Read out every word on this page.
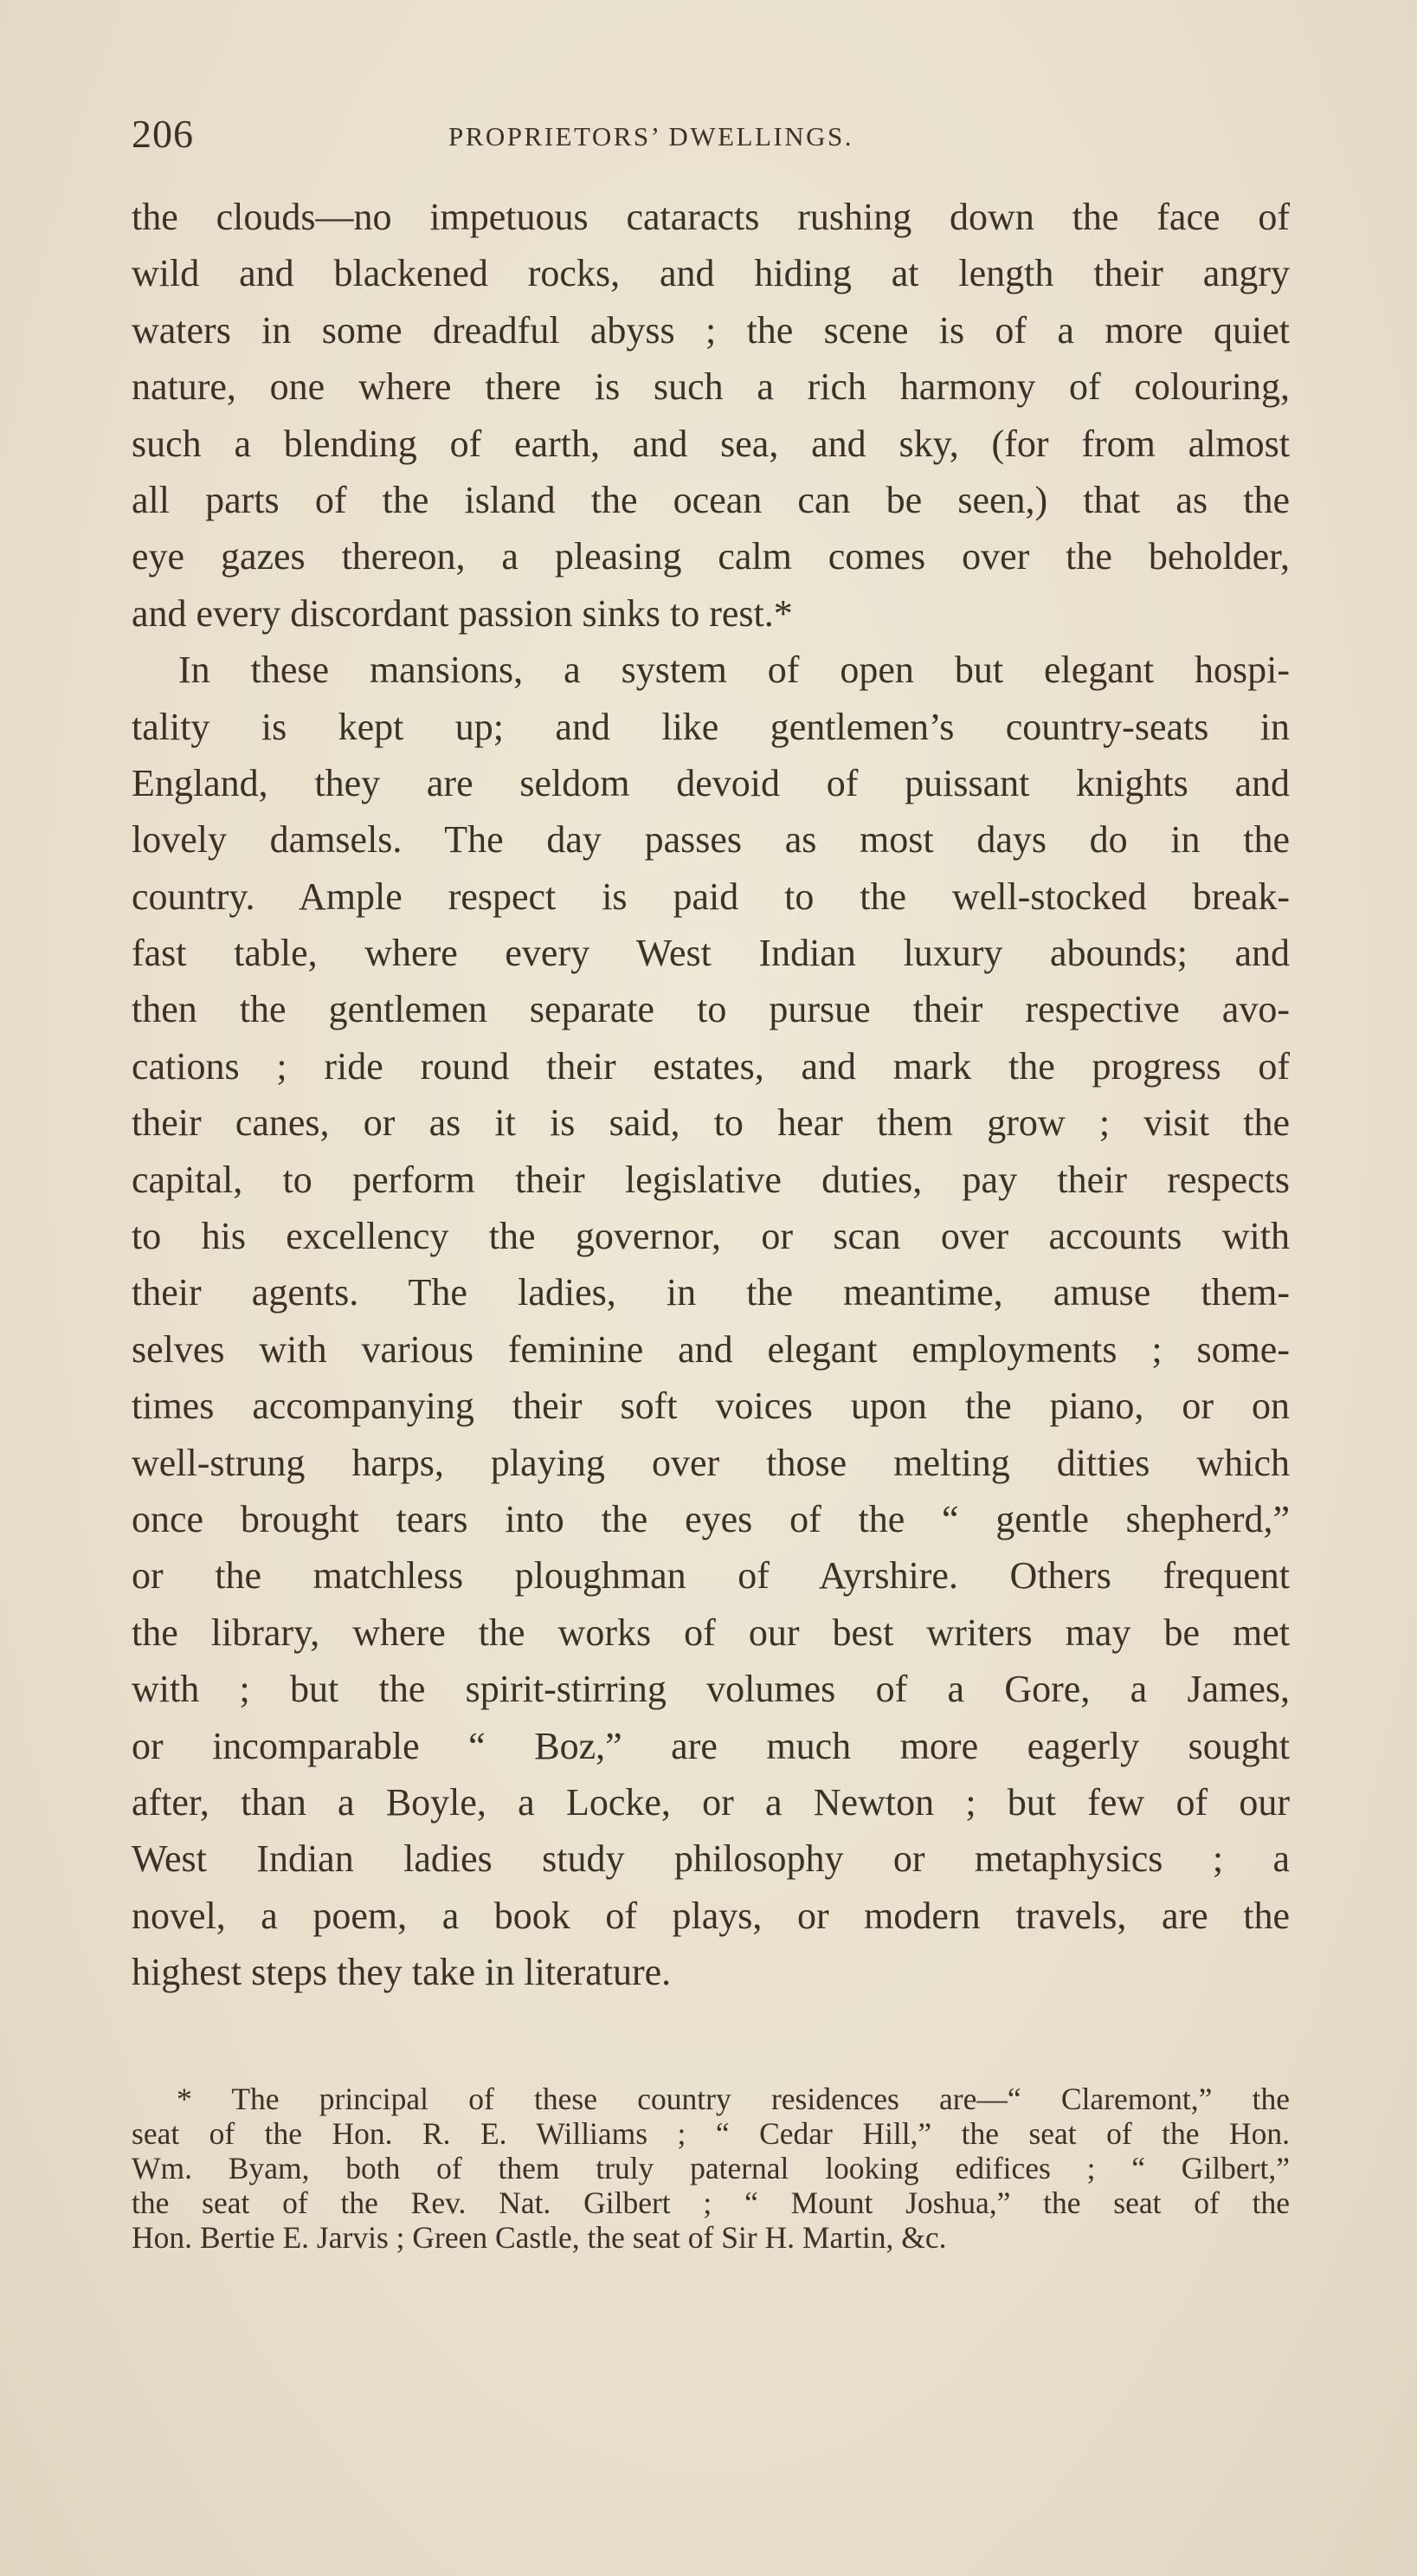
206	PROPRIETORS’ DWELLINGS.
the clouds—no impetuous cataracts rushing down the face of
wild and blackened rocks, and hiding at length their angry
waters in some dreadful abyss ; the scene is of a more quiet
nature, one where there is such a rich harmony of colouring,
such a blending of earth, and sea, and sky, (for from almost
all parts of the island the ocean can be seen,) that as the
eye gazes thereon, a pleasing calm comes over the beholder,
and every discordant passion sinks to rest.*
In these mansions, a system of open but elegant hospi-
tality is kept up; and like gentlemen’s country-seats in
England, they are seldom devoid of puissant knights and
lovely damsels. The day passes as most days do in the
country. Ample respect is paid to the well-stocked break-
fast table, where every West Indian luxury abounds; and
then the gentlemen separate to pursue their respective avo-
cations ; ride round their estates, and mark the progress of
their canes, or as it is said, to hear them grow ; visit the
capital, to perform their legislative duties, pay their respects
to his excellency the governor, or scan over accounts with
their agents. The ladies, in the meantime, amuse them-
selves with various feminine and elegant employments ; some-
times accompanying their soft voices upon the piano, or on
well-strung harps, playing over those melting ditties which
once brought tears into the eyes of the “ gentle shepherd,”
or the matchless ploughman of Ayrshire. Others frequent
the library, where the works of our best writers may be met
with ; but the spirit-stirring volumes of a Gore, a James,
or incomparable “ Boz,” are much more eagerly sought
after, than a Boyle, a Locke, or a Newton ; but few of our
West Indian ladies study philosophy or metaphysics ; a
novel, a poem, a book of plays, or modern travels, are the
highest steps they take in literature.
* The principal of these country residences are—“ Claremont,” the
seat of the Hon. R. E. Williams ; “ Cedar Hill,” the seat of the Hon.
Wm. Byam, both of them truly paternal looking edifices ; “ Gilbert,”
the seat of the Rev. Nat. Gilbert ; “ Mount Joshua,” the seat of the
Hon. Bertie E. Jarvis ; Green Castle, the seat of Sir H. Martin, &c.
